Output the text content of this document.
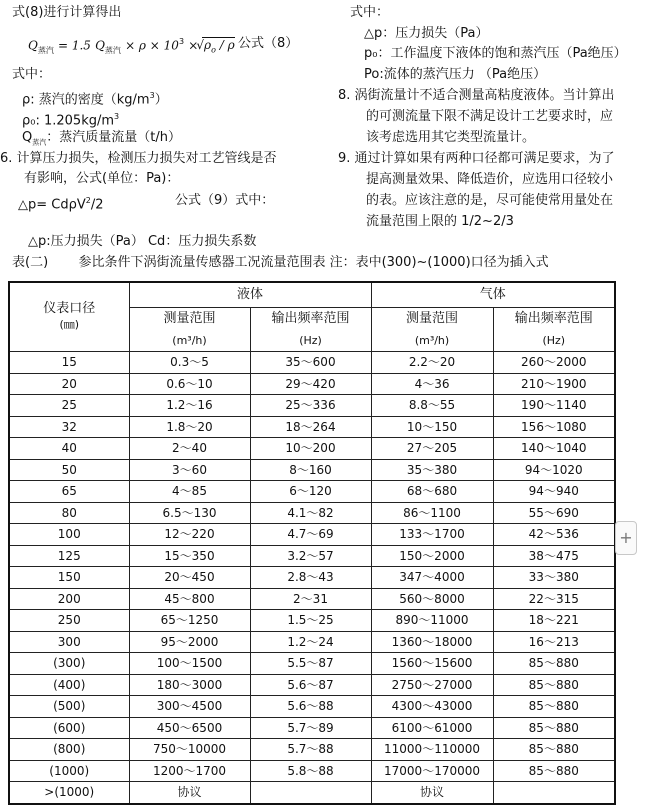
式(8)进行计算得出
$Q_{蒸汽} = 1.5$ $Q_{蒸汽} \times \rho \times 10^3 \times √\rho_o / \rho$ 公式（8）
式中：
ρ: 蒸汽的密度$(kg/m^3)$
ρ₀: $1.205kg/m^3$
$Q_{蒸汽}$：蒸汽质量流量（t/h）
6. 计算压力损失，检测压力损失对工艺管线是否
有影响，公式(单位：Pa)：
△p= CdρV$^2$/2	公式（9）式中：
△p:压力损失（Pa） Cd：压力损失系数
式中：
△p：压力损失（Pa）
p₀：工作温度下液体的饱和蒸汽压（Pa绝压）
Po:流体的蒸汽压力 （Pa绝压）
8. 涡街流量计不适合测量高粘度液体。当计算出
的可测流量下限不满足设计工艺要求时，应
该考虑选用其它类型流量计。
9. 通过计算如果有两种口径都可满足要求，为了
提高测量效果、降低造价，应选用口径较小
的表。应该注意的是，尽可能使常用量处在
流量范围上限的 1/2~2/3
表(二) 参比条件下涡街流量传感器工况流量范围表 注：表中(300)~(1000)口径为插入式
仪表口径
(㎜)	液体		气体	
	测量范围	输出频率范围	测量范围	输出频率范围
	(m³/h)	(Hz)	(m³/h)	(Hz)
15	0.3～5	35～600	2.2～20	260～2000
20	0.6～10	29～420	4～36	210～1900
25	1.2～16	25～336	8.8～55	190～1140
32	1.8～20	18～264	10～150	156～1080
40	2～40	10～200	27～205	140～1040
50	3～60	8～160	35～380	94～1020
65	4～85	6～120	68～680	94～940
80	6.5～130	4.1～82	86～1100	55～690
100	12～220	4.7～69	133～1700	42～536
125	15～350	3.2～57	150～2000	38～475
150	20～450	2.8～43	347～4000	33～380
200	45～800	2～31	560～8000	22～315
250	65～1250	1.5～25	890～11000	18～221
300	95～2000	1.2～24	1360～18000	16～213
(300)	100～1500	5.5～87	1560～15600	85～880
(400)	180～3000	5.6～87	2750～27000	85～880
(500)	300～4500	5.6～88	4300～43000	85～880
(600)	450～6500	5.7～89	6100～61000	85～880
(800)	750～10000	5.7～88	11000～110000	85～880
(1000)	1200～1700	5.8～88	17000～170000	85～880
>(1000)	协议		协议	
+
